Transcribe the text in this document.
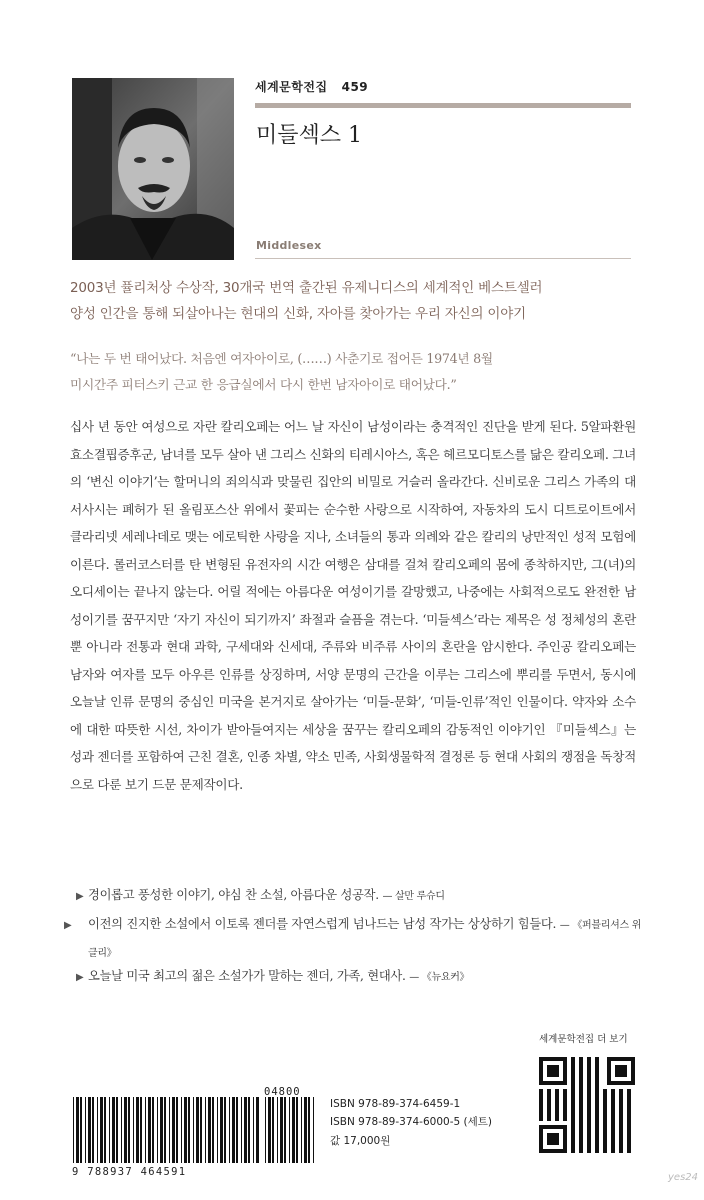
세계문학전집 459
미들섹스 1
Middlesex
2003년 퓰리처상 수상작, 30개국 번역 출간된 유제니디스의 세계적인 베스트셀러
양성 인간을 통해 되살아나는 현대의 신화, 자아를 찾아가는 우리 자신의 이야기
“나는 두 번 태어났다. 처음엔 여자아이로, (……) 사춘기로 접어든 1974년 8월
미시간주 피터스키 근교 한 응급실에서 다시 한번 남자아이로 태어났다.”
십사 년 동안 여성으로 자란 칼리오페는 어느 날 자신이 남성이라는 충격적인 진단을 받게 된다. 5알파환원효소결핍증후군, 남녀를 모두 살아 낸 그리스 신화의 티레시아스, 혹은 헤르모디토스를 닮은 칼리오페. 그녀의 ‘변신 이야기’는 할머니의 죄의식과 맞물린 집안의 비밀로 거슬러 올라간다. 신비로운 그리스 가족의 대서사시는 폐허가 된 올림포스산 위에서 꽃피는 순수한 사랑으로 시작하여, 자동차의 도시 디트로이트에서 클라리넷 세레나데로 맺는 에로틱한 사랑을 지나, 소녀들의 통과 의례와 같은 칼리의 낭만적인 성적 모험에 이른다. 롤러코스터를 탄 변형된 유전자의 시간 여행은 삼대를 걸쳐 칼리오페의 몸에 종착하지만, 그(녀)의 오디세이는 끝나지 않는다. 어릴 적에는 아름다운 여성이기를 갈망했고, 나중에는 사회적으로도 완전한 남성이기를 꿈꾸지만 ‘자기 자신이 되기까지’ 좌절과 슬픔을 겪는다. ‘미들섹스’라는 제목은 성 정체성의 혼란뿐 아니라 전통과 현대 과학, 구세대와 신세대, 주류와 비주류 사이의 혼란을 암시한다. 주인공 칼리오페는 남자와 여자를 모두 아우른 인류를 상징하며, 서양 문명의 근간을 이루는 그리스에 뿌리를 두면서, 동시에 오늘날 인류 문명의 중심인 미국을 본거지로 살아가는 ‘미들-문화’, ‘미들-인류’적인 인물이다. 약자와 소수에 대한 따뜻한 시선, 차이가 받아들여지는 세상을 꿈꾸는 칼리오페의 감동적인 이야기인 『미들섹스』는 성과 젠더를 포함하여 근친 결혼, 인종 차별, 약소 민족, 사회생물학적 결정론 등 현대 사회의 쟁점을 독창적으로 다룬 보기 드문 문제작이다.
▶ 경이롭고 풍성한 이야기, 야심 찬 소설, 아름다운 성공작. — 살만 루슈디
▶ 이전의 진지한 소설에서 이토록 젠더를 자연스럽게 넘나드는 남성 작가는 상상하기 힘들다. — 《퍼블리셔스 위클리》
▶ 오늘날 미국 최고의 젊은 소설가가 말하는 젠더, 가족, 현대사. — 《뉴요커》
세계문학전집 더 보기
9 788937 464591
04800
ISBN 978-89-374-6459-1
ISBN 978-89-374-6000-5 (세트)
값 17,000원
yes24
